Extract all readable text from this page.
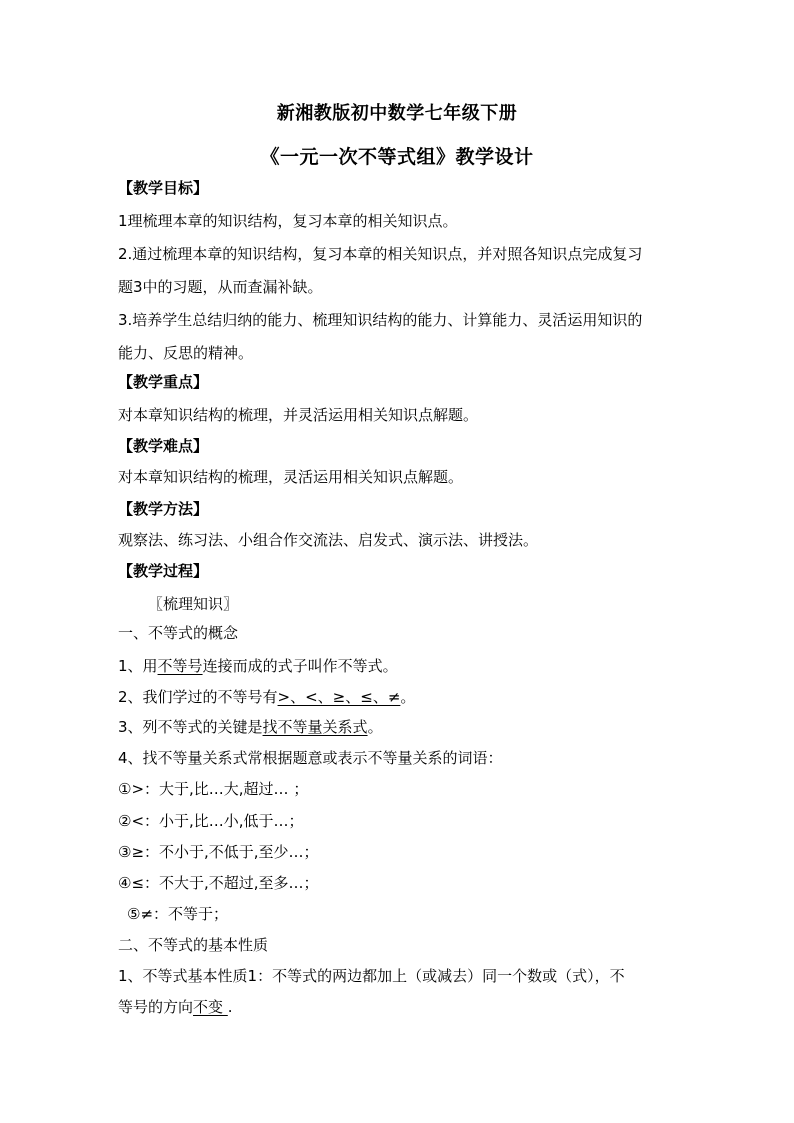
新湘教版初中数学七年级下册
《一元一次不等式组》教学设计
【教学目标】
1理梳理本章的知识结构，复习本章的相关知识点。
2.通过梳理本章的知识结构，复习本章的相关知识点，并对照各知识点完成复习
题3中的习题，从而查漏补缺。
3.培养学生总结归纳的能力、梳理知识结构的能力、计算能力、灵活运用知识的
能力、反思的精神。
【教学重点】
对本章知识结构的梳理，并灵活运用相关知识点解题。
【教学难点】
对本章知识结构的梳理，灵活运用相关知识点解题。
【教学方法】
观察法、练习法、小组合作交流法、启发式、演示法、讲授法。
【教学过程】
〖梳理知识〗
一、不等式的概念
1、用不等号连接而成的式子叫作不等式。
2、我们学过的不等号有>、<、≥、≤、≠。
3、列不等式的关键是找不等量关系式。
4、找不等量关系式常根据题意或表示不等量关系的词语：
①>：大于,比…大,超过… ；
②<：小于,比…小,低于…；
③≥：不小于,不低于,至少…；
④≤：不大于,不超过,至多…；
⑤≠：不等于；
二、不等式的基本性质
1、不等式基本性质1：不等式的两边都加上（或减去）同一个数或（式），不
等号的方向不变 .
